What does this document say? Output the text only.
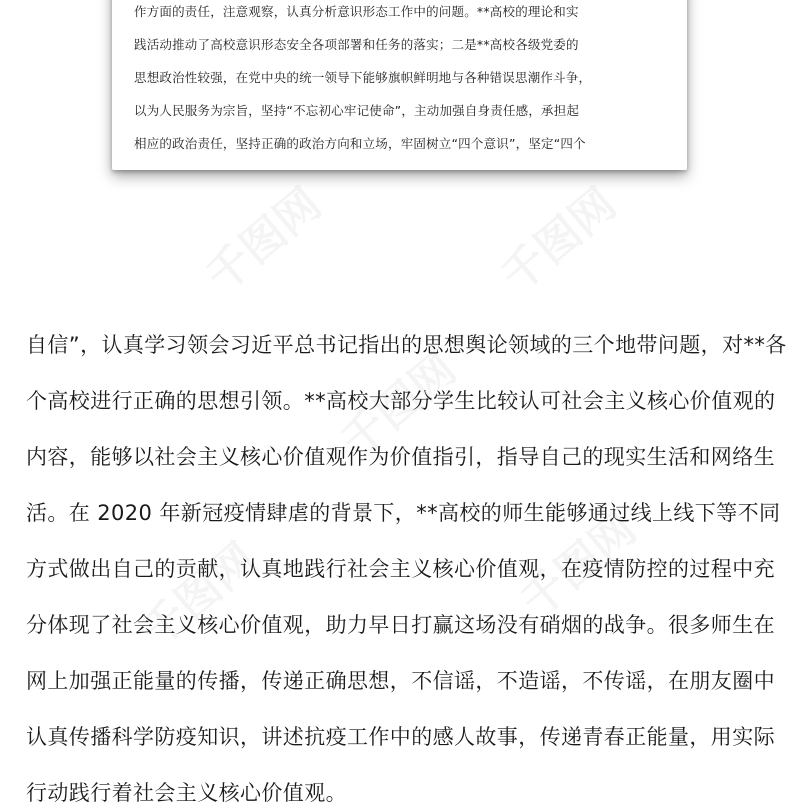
作方面的责任，注意观察，认真分析意识形态工作中的问题。**高校的理论和实
践活动推动了高校意识形态安全各项部署和任务的落实；二是**高校各级党委的
思想政治性较强，在党中央的统一领导下能够旗帜鲜明地与各种错误思潮作斗争，
以为人民服务为宗旨，坚持“不忘初心牢记使命”，主动加强自身责任感，承担起
相应的政治责任，坚持正确的政治方向和立场，牢固树立“四个意识”，坚定“四个
自信”，认真学习领会习近平总书记指出的思想舆论领域的三个地带问题，对**各
个高校进行正确的思想引领。**高校大部分学生比较认可社会主义核心价值观的
内容，能够以社会主义核心价值观作为价值指引，指导自己的现实生活和网络生
活。在 2020 年新冠疫情肆虐的背景下，**高校的师生能够通过线上线下等不同
方式做出自己的贡献，认真地践行社会主义核心价值观，在疫情防控的过程中充
分体现了社会主义核心价值观，助力早日打赢这场没有硝烟的战争。很多师生在
网上加强正能量的传播，传递正确思想，不信谣，不造谣，不传谣，在朋友圈中
认真传播科学防疫知识，讲述抗疫工作中的感人故事，传递青春正能量，用实际
行动践行着社会主义核心价值观。
